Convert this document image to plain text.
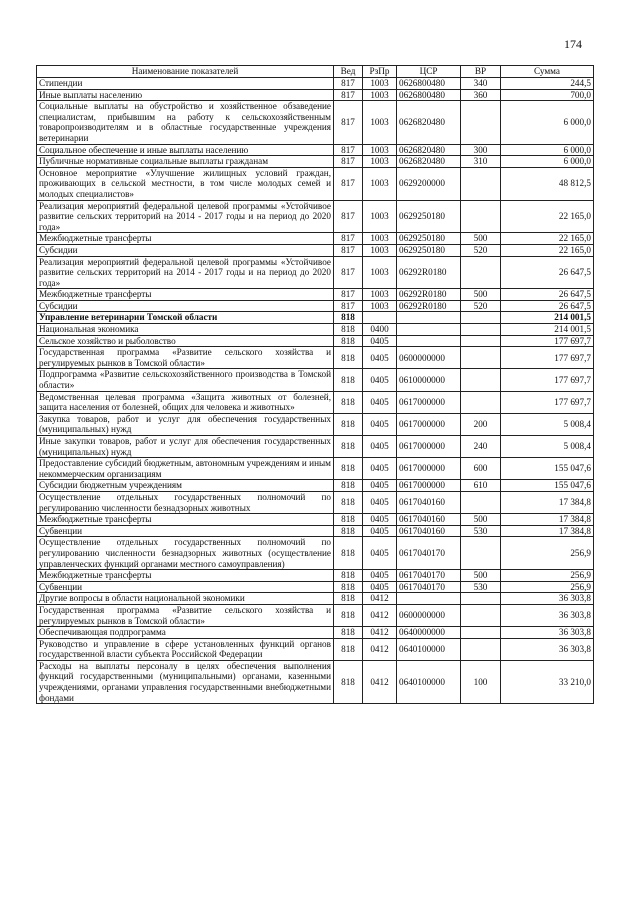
174
Наименование показателей	Вед	РзПр	ЦСР	ВР	Сумма
Стипендии	817	1003	0626800480	340	244,5
Иные выплаты населению	817	1003	0626800480	360	700,0
Социальные выплаты на обустройство и хозяйственное обзаведение специалистам, прибывшим на работу к сельскохозяйственным товаропроизводителям и в областные государственные учреждения ветеринарии	817	1003	0626820480		6 000,0
Социальное обеспечение и иные выплаты населению	817	1003	0626820480	300	6 000,0
Публичные нормативные социальные выплаты гражданам	817	1003	0626820480	310	6 000,0
Основное мероприятие «Улучшение жилищных условий граждан, проживающих в сельской местности, в том числе молодых семей и молодых специалистов»	817	1003	0629200000		48 812,5
Реализация мероприятий федеральной целевой программы «Устойчивое развитие сельских территорий на 2014 - 2017 годы и на период до 2020 года»	817	1003	0629250180		22 165,0
Межбюджетные трансферты	817	1003	0629250180	500	22 165,0
Субсидии	817	1003	0629250180	520	22 165,0
Реализация мероприятий федеральной целевой программы «Устойчивое развитие сельских территорий на 2014 - 2017 годы и на период до 2020 года»	817	1003	06292R0180		26 647,5
Межбюджетные трансферты	817	1003	06292R0180	500	26 647,5
Субсидии	817	1003	06292R0180	520	26 647,5
Управление ветеринарии Томской области	818				214 001,5
Национальная экономика	818	0400			214 001,5
Сельское хозяйство и рыболовство	818	0405			177 697,7
Государственная программа «Развитие сельского хозяйства и регулируемых рынков в Томской области»	818	0405	0600000000		177 697,7
Подпрограмма «Развитие сельскохозяйственного производства в Томской области»	818	0405	0610000000		177 697,7
Ведомственная целевая программа «Защита животных от болезней, защита населения от болезней, общих для человека и животных»	818	0405	0617000000		177 697,7
Закупка товаров, работ и услуг для обеспечения государственных (муниципальных) нужд	818	0405	0617000000	200	5 008,4
Иные закупки товаров, работ и услуг для обеспечения государственных (муниципальных) нужд	818	0405	0617000000	240	5 008,4
Предоставление субсидий бюджетным, автономным учреждениям и иным некоммерческим организациям	818	0405	0617000000	600	155 047,6
Субсидии бюджетным учреждениям	818	0405	0617000000	610	155 047,6
Осуществление отдельных государственных полномочий по регулированию численности безнадзорных животных	818	0405	0617040160		17 384,8
Межбюджетные трансферты	818	0405	0617040160	500	17 384,8
Субвенции	818	0405	0617040160	530	17 384,8
Осуществление отдельных государственных полномочий по регулированию численности безнадзорных животных (осуществление управленческих функций органами местного самоуправления)	818	0405	0617040170		256,9
Межбюджетные трансферты	818	0405	0617040170	500	256,9
Субвенции	818	0405	0617040170	530	256,9
Другие вопросы в области национальной экономики	818	0412			36 303,8
Государственная программа «Развитие сельского хозяйства и регулируемых рынков в Томской области»	818	0412	0600000000		36 303,8
Обеспечивающая подпрограмма	818	0412	0640000000		36 303,8
Руководство и управление в сфере установленных функций органов государственной власти субъекта Российской Федерации	818	0412	0640100000		36 303,8
Расходы на выплаты персоналу в целях обеспечения выполнения функций государственными (муниципальными) органами, казенными учреждениями, органами управления государственными внебюджетными фондами	818	0412	0640100000	100	33 210,0
